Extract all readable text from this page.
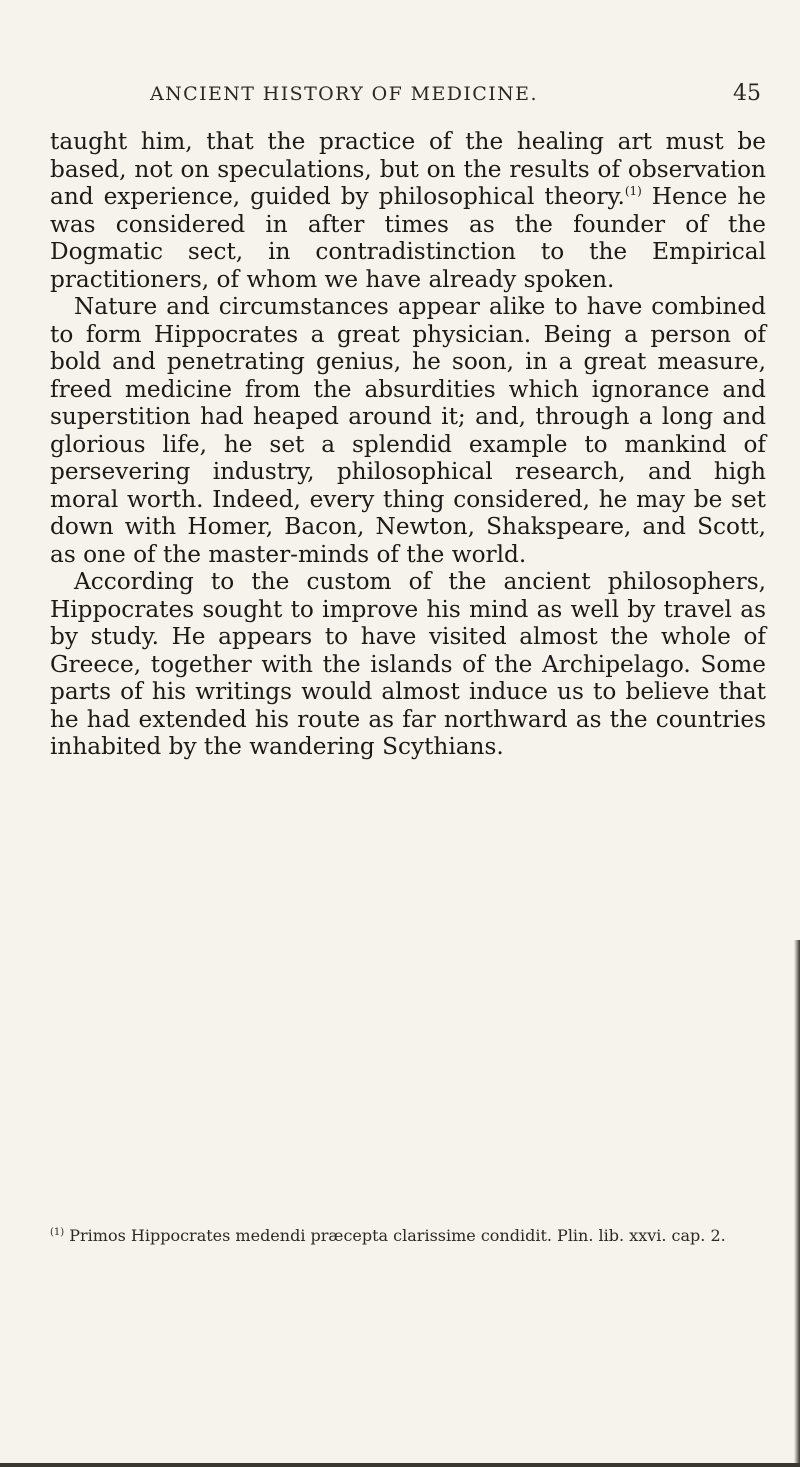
ANCIENT HISTORY OF MEDICINE.	45

taught him, that the practice of the healing art must be based, not on speculations, but on the results of observation and experience, guided by philosophical theory.$^{(1)}$ Hence he was considered in after times as the founder of the Dogmatic sect, in contradistinction to the Empirical practitioners, of whom we have already spoken.

Nature and circumstances appear alike to have combined to form Hippocrates a great physician. Being a person of bold and penetrating genius, he soon, in a great measure, freed medicine from the absurdities which ignorance and superstition had heaped around it; and, through a long and glorious life, he set a splendid example to mankind of persevering industry, philosophical research, and high moral worth. Indeed, every thing considered, he may be set down with Homer, Bacon, Newton, Shakspeare, and Scott, as one of the master-minds of the world.

According to the custom of the ancient philosophers, Hippocrates sought to improve his mind as well by travel as by study. He appears to have visited almost the whole of Greece, together with the islands of the Archipelago. Some parts of his writings would almost induce us to believe that he had extended his route as far northward as the countries inhabited by the wandering Scythians.

$^{(1)}$ Primos Hippocrates medendi præcepta clarissime condidit. Plin. lib. xxvi. cap. 2.
